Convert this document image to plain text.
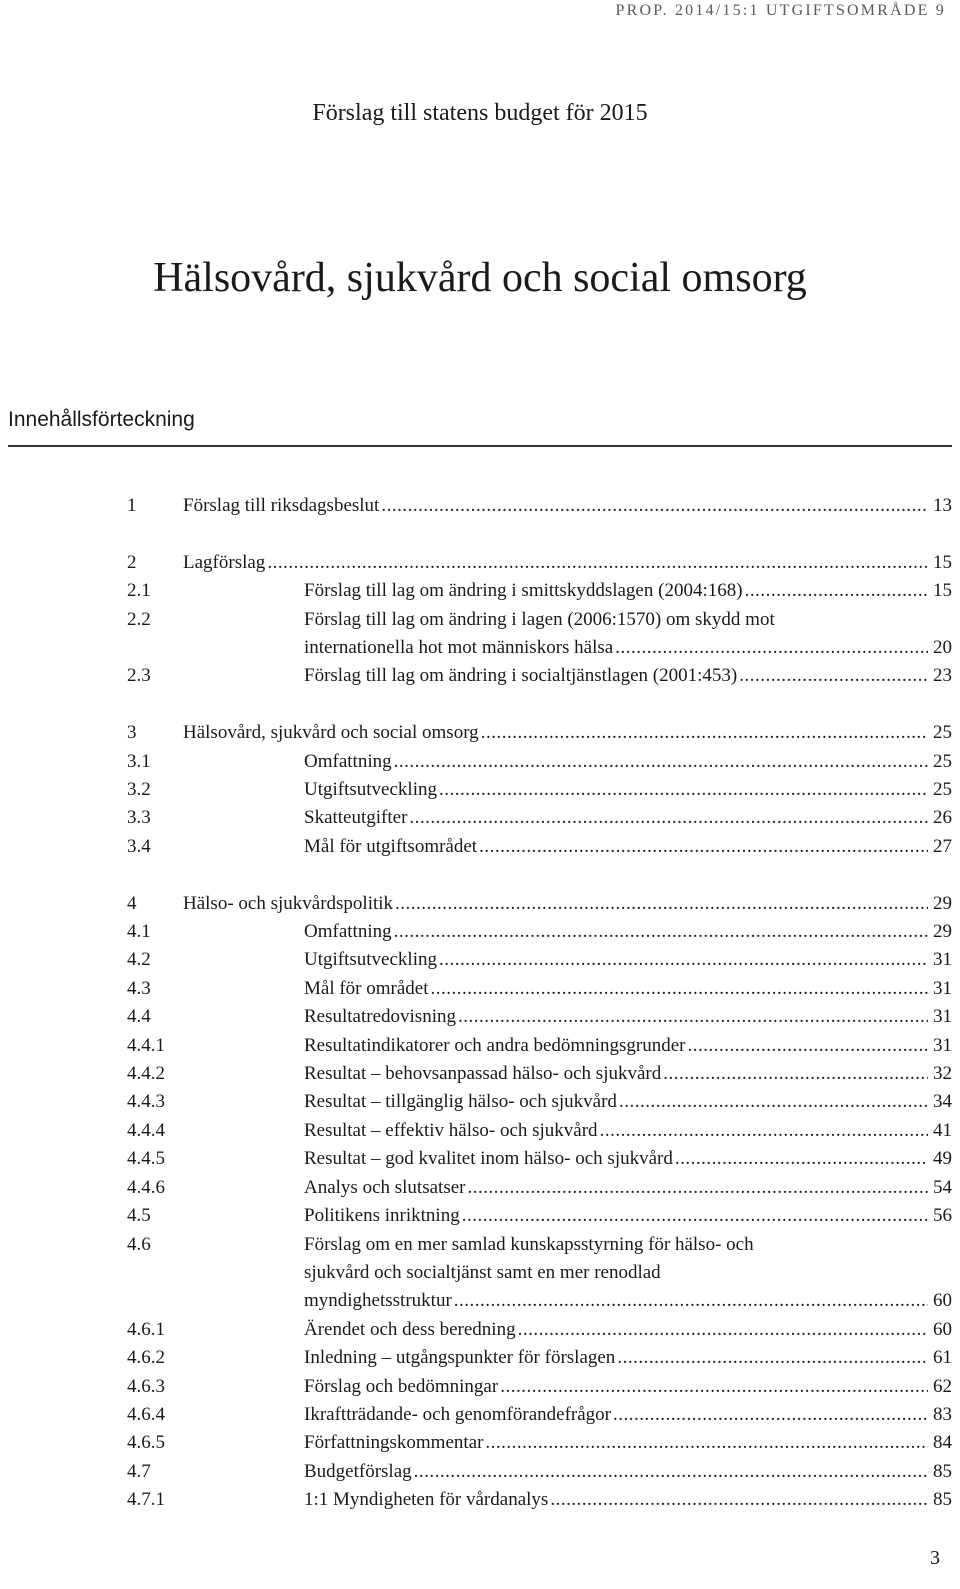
PROP. 2014/15:1 UTGIFTSOMRÅDE 9
Förslag till statens budget för 2015
Hälsovård, sjukvård och social omsorg
Innehållsförteckning
1 Förslag till riksdagsbeslut .....	13
2 Lagförslag .....	15
2.1	Förslag till lag om ändring i smittskyddslagen (2004:168) .....	15
2.2	Förslag till lag om ändring i lagen (2006:1570) om skydd mot
internationella hot mot människors hälsa .....	20
2.3	Förslag till lag om ändring i socialtjänstlagen (2001:453) .....	23
3 Hälsovård, sjukvård och social omsorg .....	25
3.1	Omfattning .....	25
3.2	Utgiftsutveckling .....	25
3.3	Skatteutgifter .....	26
3.4	Mål för utgiftsområdet .....	27
4 Hälso- och sjukvårdspolitik .....	29
4.1	Omfattning .....	29
4.2	Utgiftsutveckling .....	31
4.3	Mål för området .....	31
4.4	Resultatredovisning .....	31
4.4.1	Resultatindikatorer och andra bedömningsgrunder .....	31
4.4.2	Resultat – behovsanpassad hälso- och sjukvård .....	32
4.4.3	Resultat – tillgänglig hälso- och sjukvård .....	34
4.4.4	Resultat – effektiv hälso- och sjukvård .....	41
4.4.5	Resultat – god kvalitet inom hälso- och sjukvård .....	49
4.4.6	Analys och slutsatser .....	54
4.5	Politikens inriktning .....	56
4.6	Förslag om en mer samlad kunskapsstyrning för hälso- och
sjukvård och socialtjänst samt en mer renodlad
myndighetsstruktur .....	60
4.6.1	Ärendet och dess beredning .....	60
4.6.2	Inledning – utgångspunkter för förslagen .....	61
4.6.3	Förslag och bedömningar .....	62
4.6.4	Ikraftträdande- och genomförandefrågor .....	83
4.6.5	Författningskommentar .....	84
4.7	Budgetförslag .....	85
4.7.1	1:1 Myndigheten för vårdanalys .....	85
3
